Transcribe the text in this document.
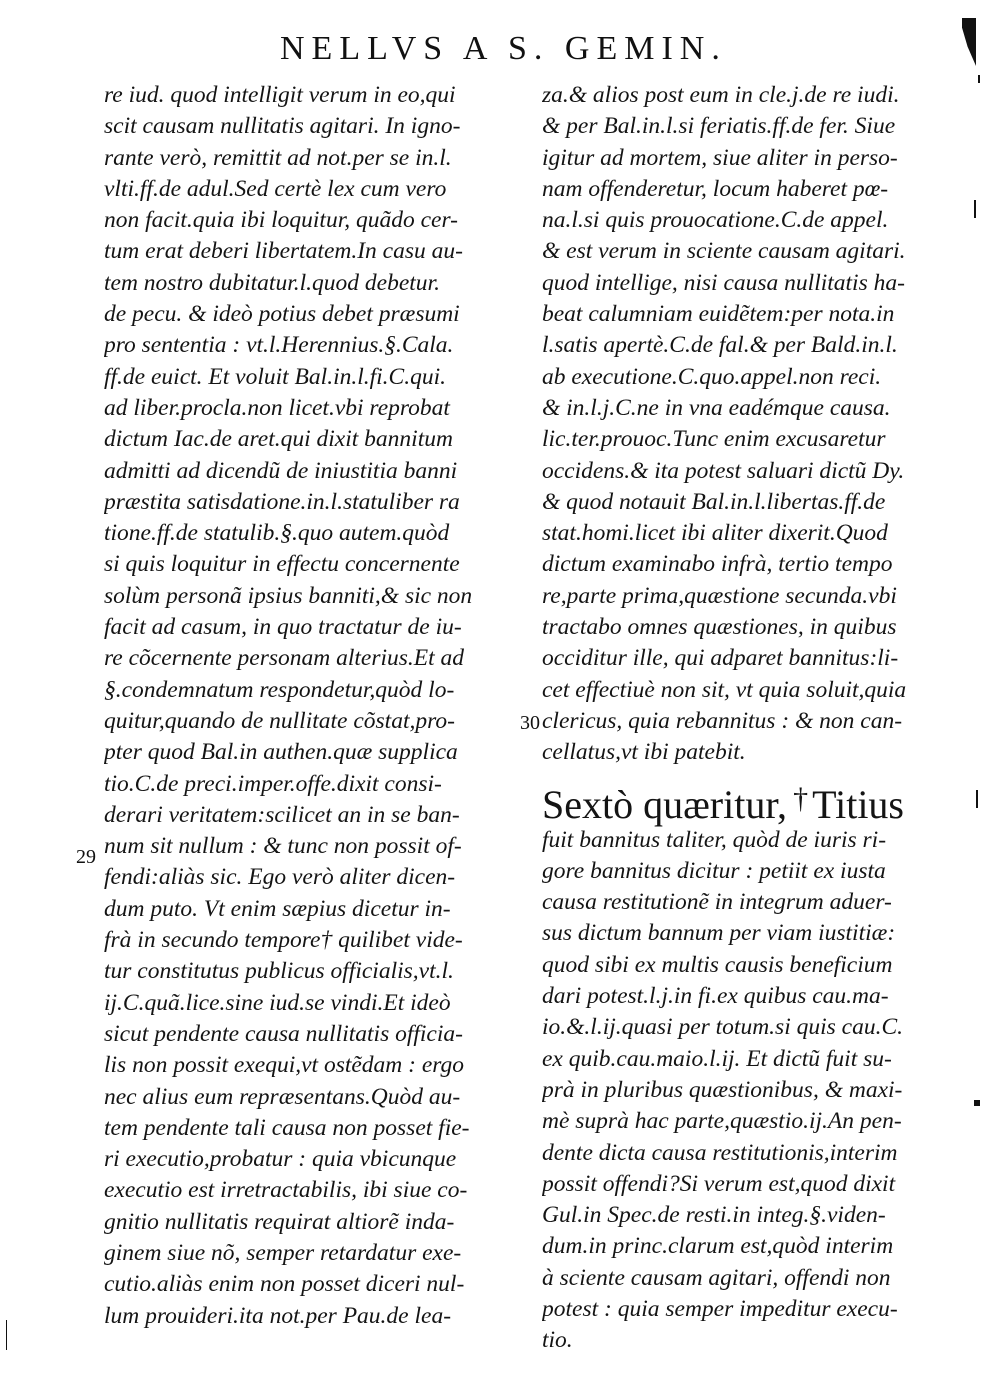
NELLVS A S. GEMIN.
29
30
re iud. quod intelligit verum in eo,qui
scit causam nullitatis agitari. In igno-
rante verò, remittit ad not.per se in.l.
vlti.ff.de adul.Sed certè lex cum vero
non facit.quia ibi loquitur, quãdo cer-
tum erat deberi libertatem.In casu au-
tem nostro dubitatur.l.quod debetur.
de pecu. & ideò potius debet præsumi
pro sententia : vt.l.Herennius.§.Cala.
ff.de euict. Et voluit Bal.in.l.fi.C.qui.
ad liber.procla.non licet.vbi reprobat
dictum Iac.de aret.qui dixit bannitum
admitti ad dicendũ de iniustitia banni
præstita satisdatione.in.l.statuliber ra
tione.ff.de statulib.§.quo autem.quòd
si quis loquitur in effectu concernente
solùm personã ipsius banniti,& sic non
facit ad casum, in quo tractatur de iu-
re cõcernente personam alterius.Et ad
§.condemnatum respondetur,quòd lo-
quitur,quando de nullitate cõstat,pro-
pter quod Bal.in authen.quæ supplica
tio.C.de preci.imper.offe.dixit consi-
derari veritatem:scilicet an in se ban-
num sit nullum : & tunc non possit of-
fendi:aliàs sic. Ego verò aliter dicen-
dum puto. Vt enim sæpius dicetur in-
frà in secundo tempore† quilibet vide-
tur constitutus publicus officialis,vt.l.
ij.C.quã.lice.sine iud.se vindi.Et ideò
sicut pendente causa nullitatis officia-
lis non possit exequi,vt ostẽdam : ergo
nec alius eum repræsentans.Quòd au-
tem pendente tali causa non posset fie-
ri executio,probatur : quia vbicunque
executio est irretractabilis, ibi siue co-
gnitio nullitatis requirat altiorẽ inda-
ginem siue nõ, semper retardatur exe-
cutio.aliàs enim non posset diceri nul-
lum prouideri.ita not.per Pau.de lea-
za.& alios post eum in cle.j.de re iudi.
& per Bal.in.l.si feriatis.ff.de fer. Siue
igitur ad mortem, siue aliter in perso-
nam offenderetur, locum haberet pœ-
na.l.si quis prouocatione.C.de appel.
& est verum in sciente causam agitari.
quod intellige, nisi causa nullitatis ha-
beat calumniam euidẽtem:per nota.in
l.satis apertè.C.de fal.& per Bald.in.l.
ab executione.C.quo.appel.non reci.
& in.l.j.C.ne in vna eadémque causa.
lic.ter.prouoc.Tunc enim excusaretur
occidens.& ita potest saluari dictũ Dy.
& quod notauit Bal.in.l.libertas.ff.de
stat.homi.licet ibi aliter dixerit.Quod
dictum examinabo infrà, tertio tempo
re,parte prima,quæstione secunda.vbi
tractabo omnes quæstiones, in quibus
occiditur ille, qui adparet bannitus:li-
cet effectiuè non sit, vt quia soluit,quia
clericus, quia rebannitus : & non can-
cellatus,vt ibi patebit.
Sextò quæritur, † Titius
fuit bannitus taliter, quòd de iuris ri-
gore bannitus dicitur : petiit ex iusta
causa restitutionẽ in integrum aduer-
sus dictum bannum per viam iustitiæ:
quod sibi ex multis causis beneficium
dari potest.l.j.in fi.ex quibus cau.ma-
io.&.l.ij.quasi per totum.si quis cau.C.
ex quib.cau.maio.l.ij. Et dictũ fuit su-
prà in pluribus quæstionibus, & maxi-
mè suprà hac parte,quæstio.ij.An pen-
dente dicta causa restitutionis,interim
possit offendi?Si verum est,quod dixit
Gul.in Spec.de resti.in integ.§.viden-
dum.in princ.clarum est,quòd interim
à sciente causam agitari, offendi non
potest : quia semper impeditur execu-
tio.
